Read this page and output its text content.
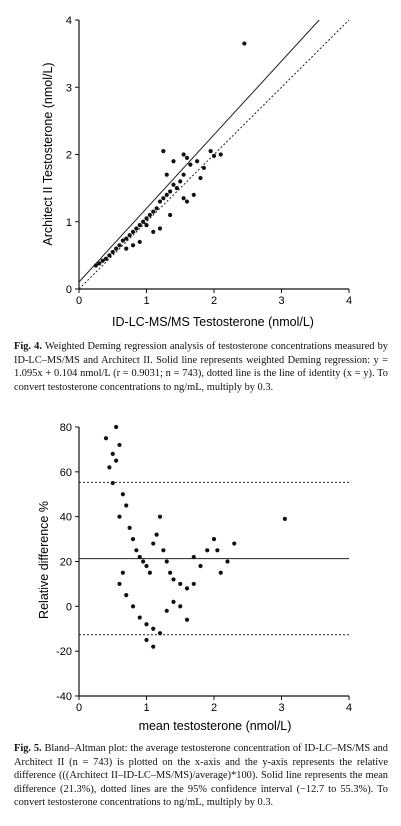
0	1	2	3	4
0
1
2
3
4
ID-LC-MS/MS Testosterone (nmol/L)
Architect II Testosterone (nmol/L)
Fig. 4. Weighted Deming regression analysis of testosterone concentrations measured by ID-LC–MS/MS and Architect II. Solid line represents weighted Deming regression: y = 1.095x + 0.104 nmol/L (r = 0.9031; n = 743), dotted line is the line of identity (x = y). To convert testosterone concentrations to ng/mL, multiply by 0.3.
0	1	2	3	4
80
60
40
20
0
-20
-40
mean testosterone (nmol/L)
Relative difference %
Fig. 5. Bland–Altman plot: the average testosterone concentration of ID-LC–MS/MS and Architect II (n = 743) is plotted on the x-axis and the y-axis represents the relative difference (((Architect II–ID-LC–MS/MS)/average)*100). Solid line represents the mean difference (21.3%), dotted lines are the 95% confidence interval (−12.7 to 55.3%). To convert testosterone concentrations to ng/mL, multiply by 0.3.
